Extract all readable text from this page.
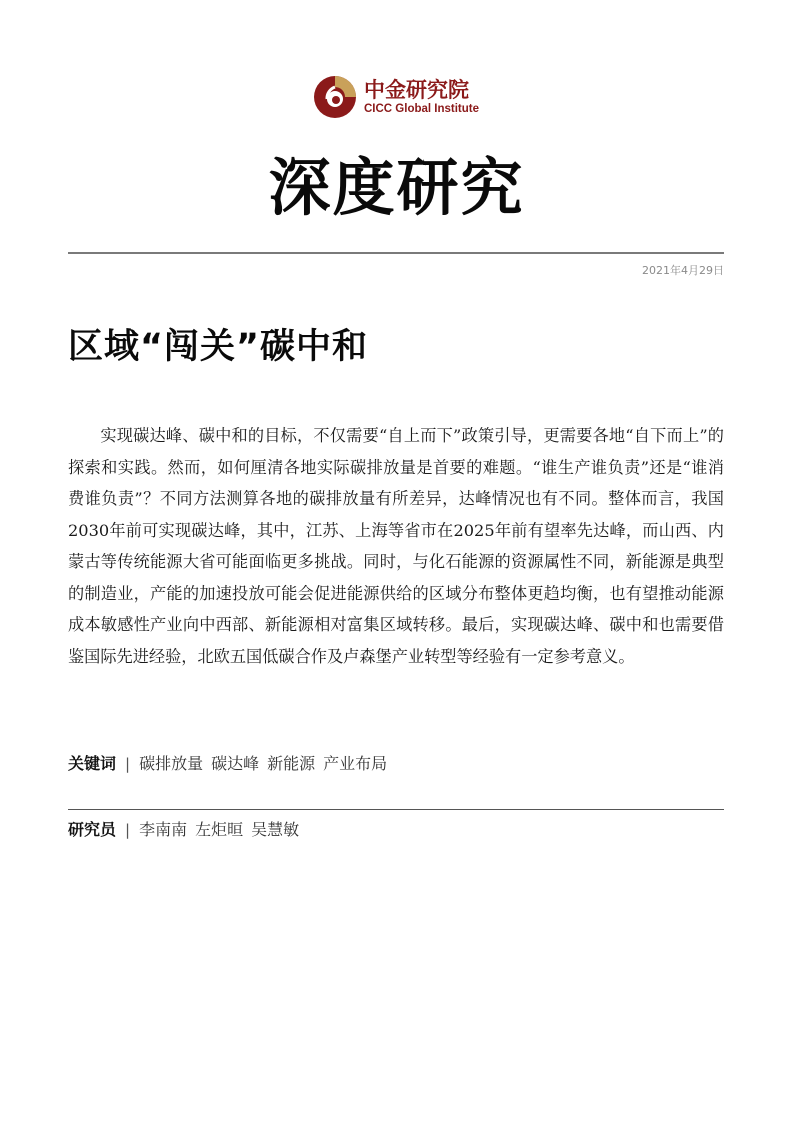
中金研究院
CICC Global Institute
深度研究
2021年4月29日
区域“闯关”碳中和

实现碳达峰、碳中和的目标，不仅需要“自上而下”政策引导，更需要各地“自下而上”的探索和实践。然而，如何厘清各地实际碳排放量是首要的难题。“谁生产谁负责”还是“谁消费谁负责”？不同方法测算各地的碳排放量有所差异，达峰情况也有不同。整体而言，我国2030年前可实现碳达峰，其中，江苏、上海等省市在2025年前有望率先达峰，而山西、内蒙古等传统能源大省可能面临更多挑战。同时，与化石能源的资源属性不同，新能源是典型的制造业，产能的加速投放可能会促进能源供给的区域分布整体更趋均衡，也有望推动能源成本敏感性产业向中西部、新能源相对富集区域转移。最后，实现碳达峰、碳中和也需要借鉴国际先进经验，北欧五国低碳合作及卢森堡产业转型等经验有一定参考意义。

关键词 | 碳排放量 碳达峰 新能源 产业布局
研究员 | 李南南 左炬晅 吴慧敏
